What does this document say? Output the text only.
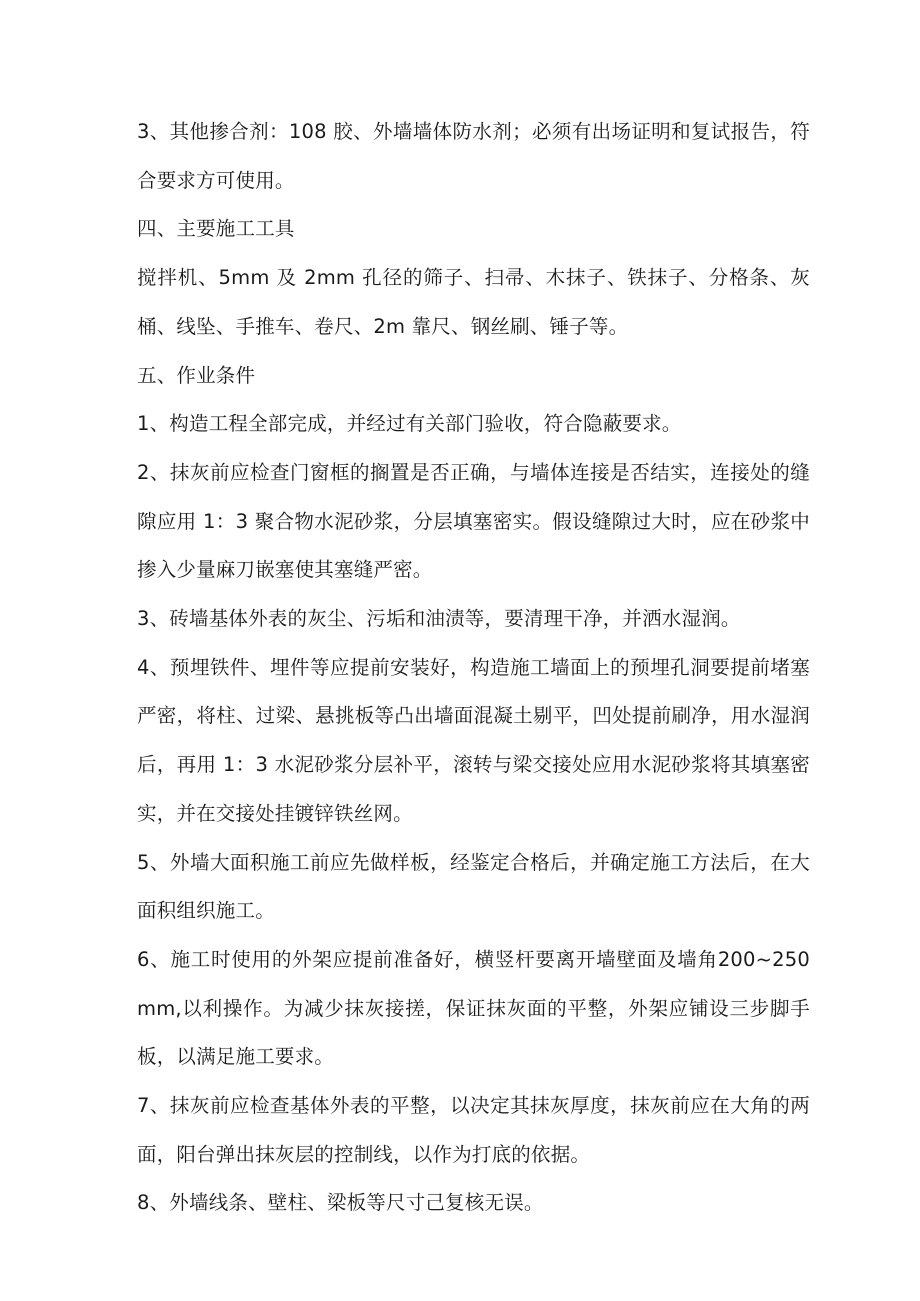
3、其他掺合剂：108 胶、外墙墙体防水剂；必须有出场证明和复试报告，符合要求方可使用。

四、主要施工工具

搅拌机、5mm 及 2mm 孔径的筛子、扫帚、木抹子、铁抹子、分格条、灰桶、线坠、手推车、卷尺、2m 靠尺、钢丝刷、锤子等。

五、作业条件

1、构造工程全部完成，并经过有关部门验收，符合隐蔽要求。

2、抹灰前应检查门窗框的搁置是否正确，与墙体连接是否结实，连接处的缝隙应用 1：3 聚合物水泥砂浆，分层填塞密实。假设缝隙过大时，应在砂浆中掺入少量麻刀嵌塞使其塞缝严密。

3、砖墙基体外表的灰尘、污垢和油渍等，要清理干净，并洒水湿润。

4、预埋铁件、埋件等应提前安装好，构造施工墙面上的预埋孔洞要提前堵塞严密，将柱、过梁、悬挑板等凸出墙面混凝土剔平，凹处提前刷净，用水湿润后，再用 1：3 水泥砂浆分层补平，滚转与梁交接处应用水泥砂浆将其填塞密实，并在交接处挂镀锌铁丝网。

5、外墙大面积施工前应先做样板，经鉴定合格后，并确定施工方法后，在大面积组织施工。

6、施工时使用的外架应提前准备好，横竖杆要离开墙壁面及墙角200~250mm,以利操作。为减少抹灰接搓，保证抹灰面的平整，外架应铺设三步脚手板，以满足施工要求。

7、抹灰前应检查基体外表的平整，以决定其抹灰厚度，抹灰前应在大角的两面，阳台弹出抹灰层的控制线，以作为打底的依据。

8、外墙线条、壁柱、梁板等尺寸己复核无误。
